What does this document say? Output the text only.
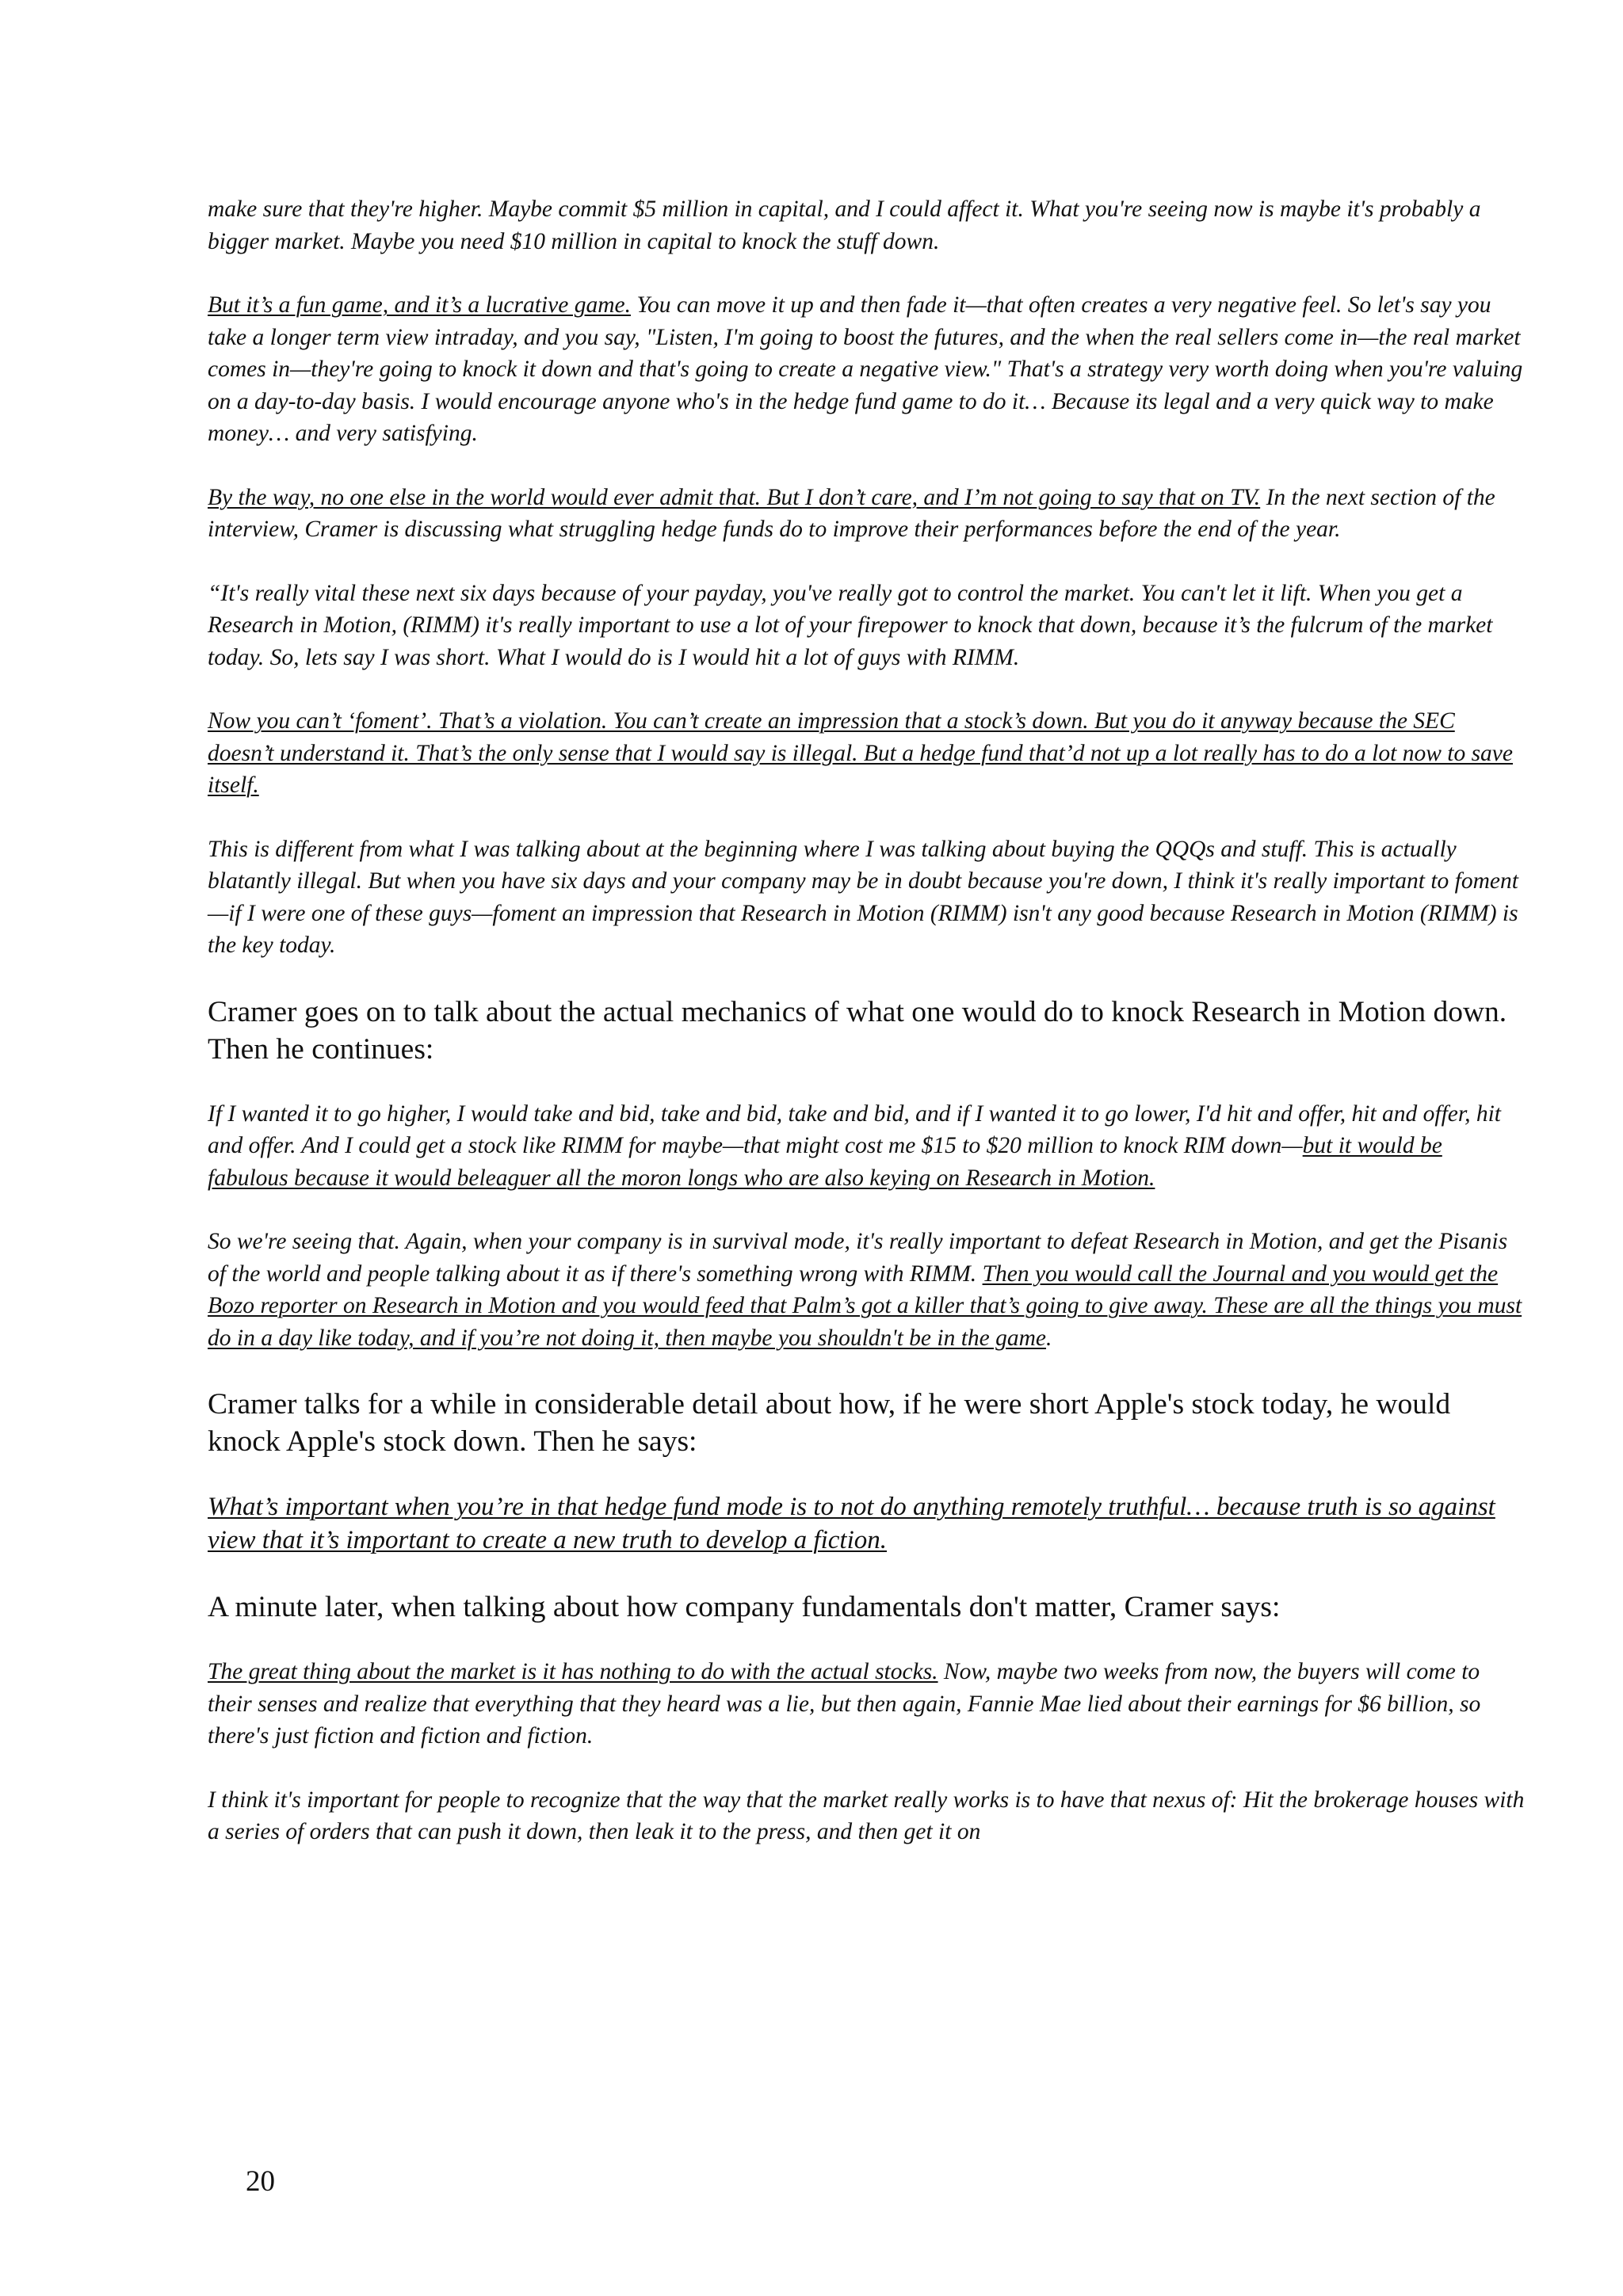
make sure that they're higher. Maybe commit $5 million in capital, and I could affect it. What you're seeing now is maybe it's probably a bigger market. Maybe you need $10 million in capital to knock the stuff down.

But it’s a fun game, and it’s a lucrative game. You can move it up and then fade it—that often creates a very negative feel. So let's say you take a longer term view intraday, and you say, "Listen, I'm going to boost the futures, and the when the real sellers come in—the real market comes in—they're going to knock it down and that's going to create a negative view." That's a strategy very worth doing when you're valuing on a day-to-day basis. I would encourage anyone who's in the hedge fund game to do it… Because its legal and a very quick way to make money… and very satisfying.

By the way, no one else in the world would ever admit that. But I don’t care, and I’m not going to say that on TV. In the next section of the interview, Cramer is discussing what struggling hedge funds do to improve their performances before the end of the year.

“It's really vital these next six days because of your payday, you've really got to control the market. You can't let it lift. When you get a Research in Motion, (RIMM) it's really important to use a lot of your firepower to knock that down, because it’s the fulcrum of the market today. So, lets say I was short. What I would do is I would hit a lot of guys with RIMM.

Now you can’t ‘foment’. That’s a violation. You can’t create an impression that a stock’s down. But you do it anyway because the SEC doesn’t understand it. That’s the only sense that I would say is illegal. But a hedge fund that’d not up a lot really has to do a lot now to save itself.

This is different from what I was talking about at the beginning where I was talking about buying the QQQs and stuff. This is actually blatantly illegal. But when you have six days and your company may be in doubt because you're down, I think it's really important to foment—if I were one of these guys—foment an impression that Research in Motion (RIMM) isn't any good because Research in Motion (RIMM) is the key today.

Cramer goes on to talk about the actual mechanics of what one would do to knock Research in Motion down. Then he continues:

If I wanted it to go higher, I would take and bid, take and bid, take and bid, and if I wanted it to go lower, I'd hit and offer, hit and offer, hit and offer. And I could get a stock like RIMM for maybe—that might cost me $15 to $20 million to knock RIM down—but it would be fabulous because it would beleaguer all the moron longs who are also keying on Research in Motion.

So we're seeing that. Again, when your company is in survival mode, it's really important to defeat Research in Motion, and get the Pisanis of the world and people talking about it as if there's something wrong with RIMM. Then you would call the Journal and you would get the Bozo reporter on Research in Motion and you would feed that Palm’s got a killer that’s going to give away. These are all the things you must do in a day like today, and if you’re not doing it, then maybe you shouldn't be in the game.

Cramer talks for a while in considerable detail about how, if he were short Apple's stock today, he would knock Apple's stock down. Then he says:

What’s important when you’re in that hedge fund mode is to not do anything remotely truthful… because truth is so against view that it’s important to create a new truth to develop a fiction.

A minute later, when talking about how company fundamentals don't matter, Cramer says:

The great thing about the market is it has nothing to do with the actual stocks. Now, maybe two weeks from now, the buyers will come to their senses and realize that everything that they heard was a lie, but then again, Fannie Mae lied about their earnings for $6 billion, so there's just fiction and fiction and fiction.

I think it's important for people to recognize that the way that the market really works is to have that nexus of: Hit the brokerage houses with a series of orders that can push it down, then leak it to the press, and then get it on

20
